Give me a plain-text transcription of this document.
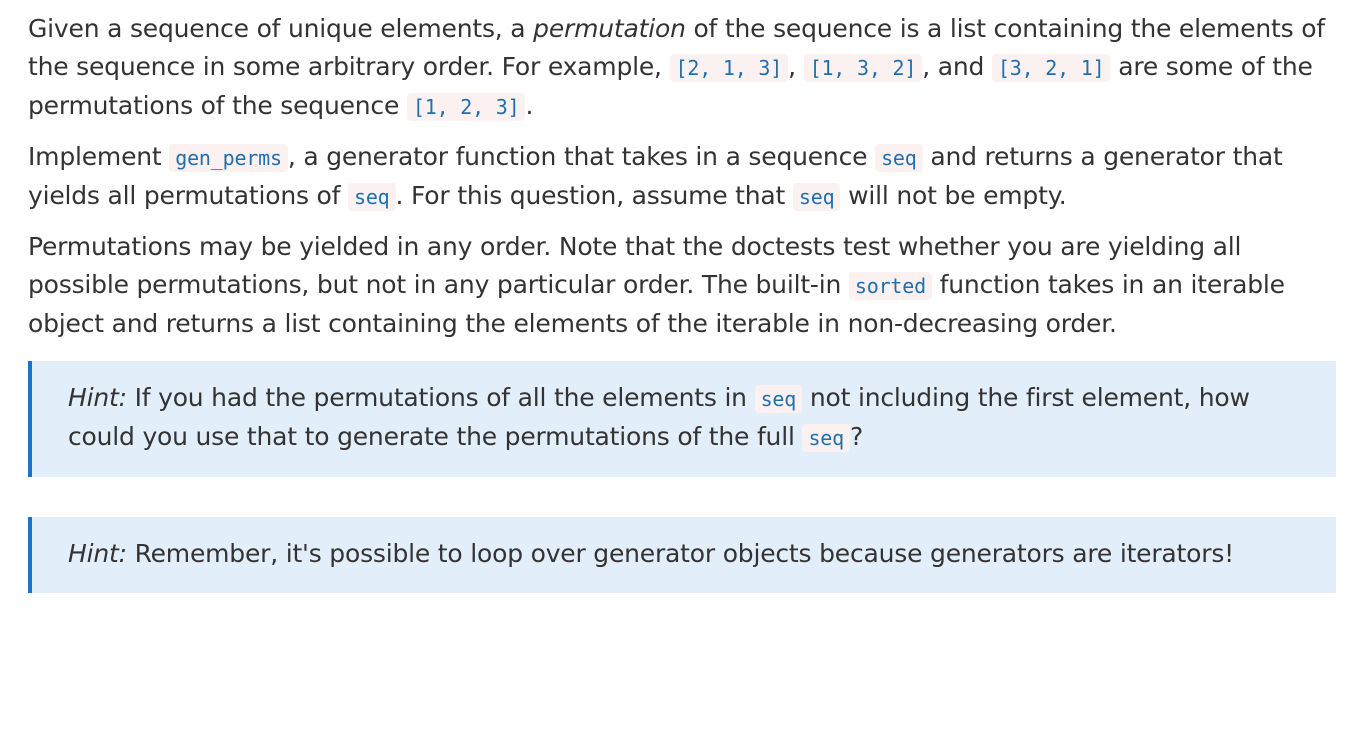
Given a sequence of unique elements, a permutation of the sequence is a list containing the elements of the sequence in some arbitrary order. For example, [2, 1, 3] , [1, 3, 2] , and [3, 2, 1] are some of the permutations of the sequence [1, 2, 3] .

Implement gen_perms , a generator function that takes in a sequence seq and returns a generator that yields all permutations of seq . For this question, assume that seq will not be empty.

Permutations may be yielded in any order. Note that the doctests test whether you are yielding all possible permutations, but not in any particular order. The built-in sorted function takes in an iterable object and returns a list containing the elements of the iterable in non-decreasing order.

Hint: If you had the permutations of all the elements in seq not including the first element, how could you use that to generate the permutations of the full seq ?

Hint: Remember, it's possible to loop over generator objects because generators are iterators!
